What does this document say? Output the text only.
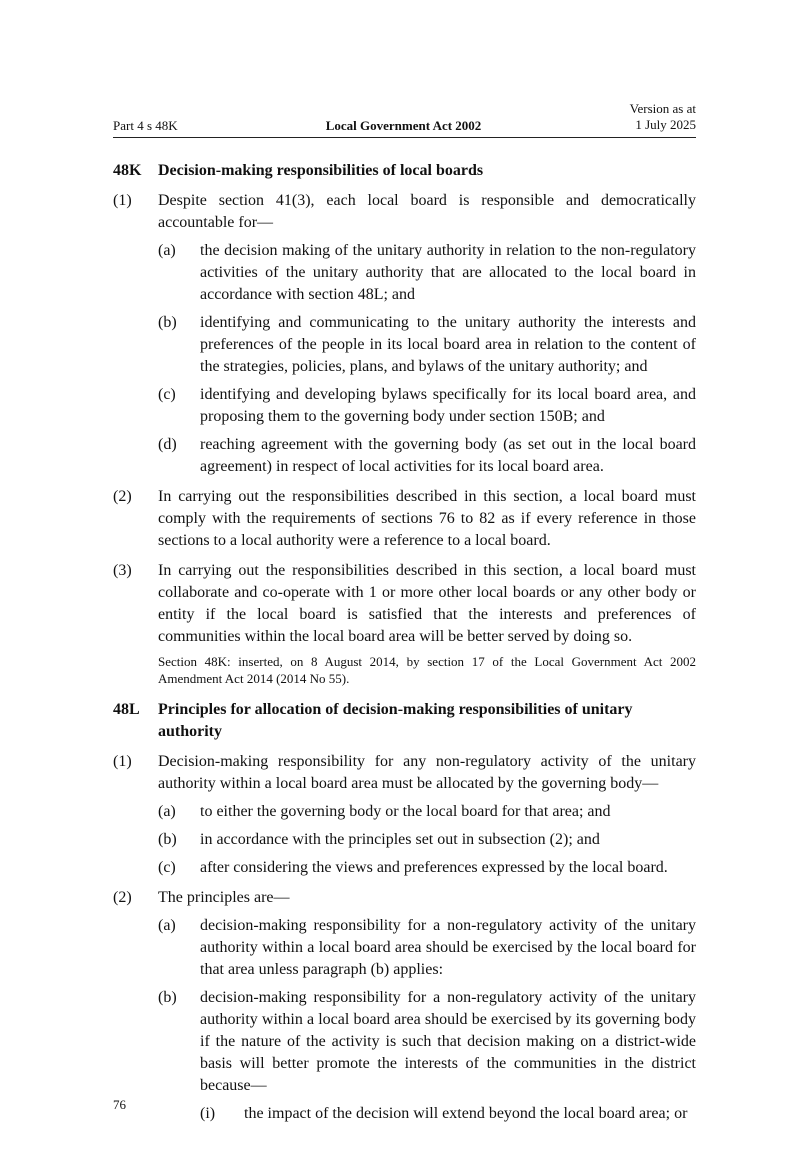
Version as at
1 July 2025
Part 4 s 48K	Local Government Act 2002
48K	Decision-making responsibilities of local boards
(1)	Despite section 41(3), each local board is responsible and democratically accountable for—
(a)	the decision making of the unitary authority in relation to the non-regulatory activities of the unitary authority that are allocated to the local board in accordance with section 48L; and
(b)	identifying and communicating to the unitary authority the interests and preferences of the people in its local board area in relation to the content of the strategies, policies, plans, and bylaws of the unitary authority; and
(c)	identifying and developing bylaws specifically for its local board area, and proposing them to the governing body under section 150B; and
(d)	reaching agreement with the governing body (as set out in the local board agreement) in respect of local activities for its local board area.
(2)	In carrying out the responsibilities described in this section, a local board must comply with the requirements of sections 76 to 82 as if every reference in those sections to a local authority were a reference to a local board.
(3)	In carrying out the responsibilities described in this section, a local board must collaborate and co-operate with 1 or more other local boards or any other body or entity if the local board is satisfied that the interests and preferences of communities within the local board area will be better served by doing so.
Section 48K: inserted, on 8 August 2014, by section 17 of the Local Government Act 2002 Amendment Act 2014 (2014 No 55).
48L	Principles for allocation of decision-making responsibilities of unitary authority
(1)	Decision-making responsibility for any non-regulatory activity of the unitary authority within a local board area must be allocated by the governing body—
(a)	to either the governing body or the local board for that area; and
(b)	in accordance with the principles set out in subsection (2); and
(c)	after considering the views and preferences expressed by the local board.
(2)	The principles are—
(a)	decision-making responsibility for a non-regulatory activity of the unitary authority within a local board area should be exercised by the local board for that area unless paragraph (b) applies:
(b)	decision-making responsibility for a non-regulatory activity of the unitary authority within a local board area should be exercised by its governing body if the nature of the activity is such that decision making on a district-wide basis will better promote the interests of the communities in the district because—
(i)	the impact of the decision will extend beyond the local board area; or
76
